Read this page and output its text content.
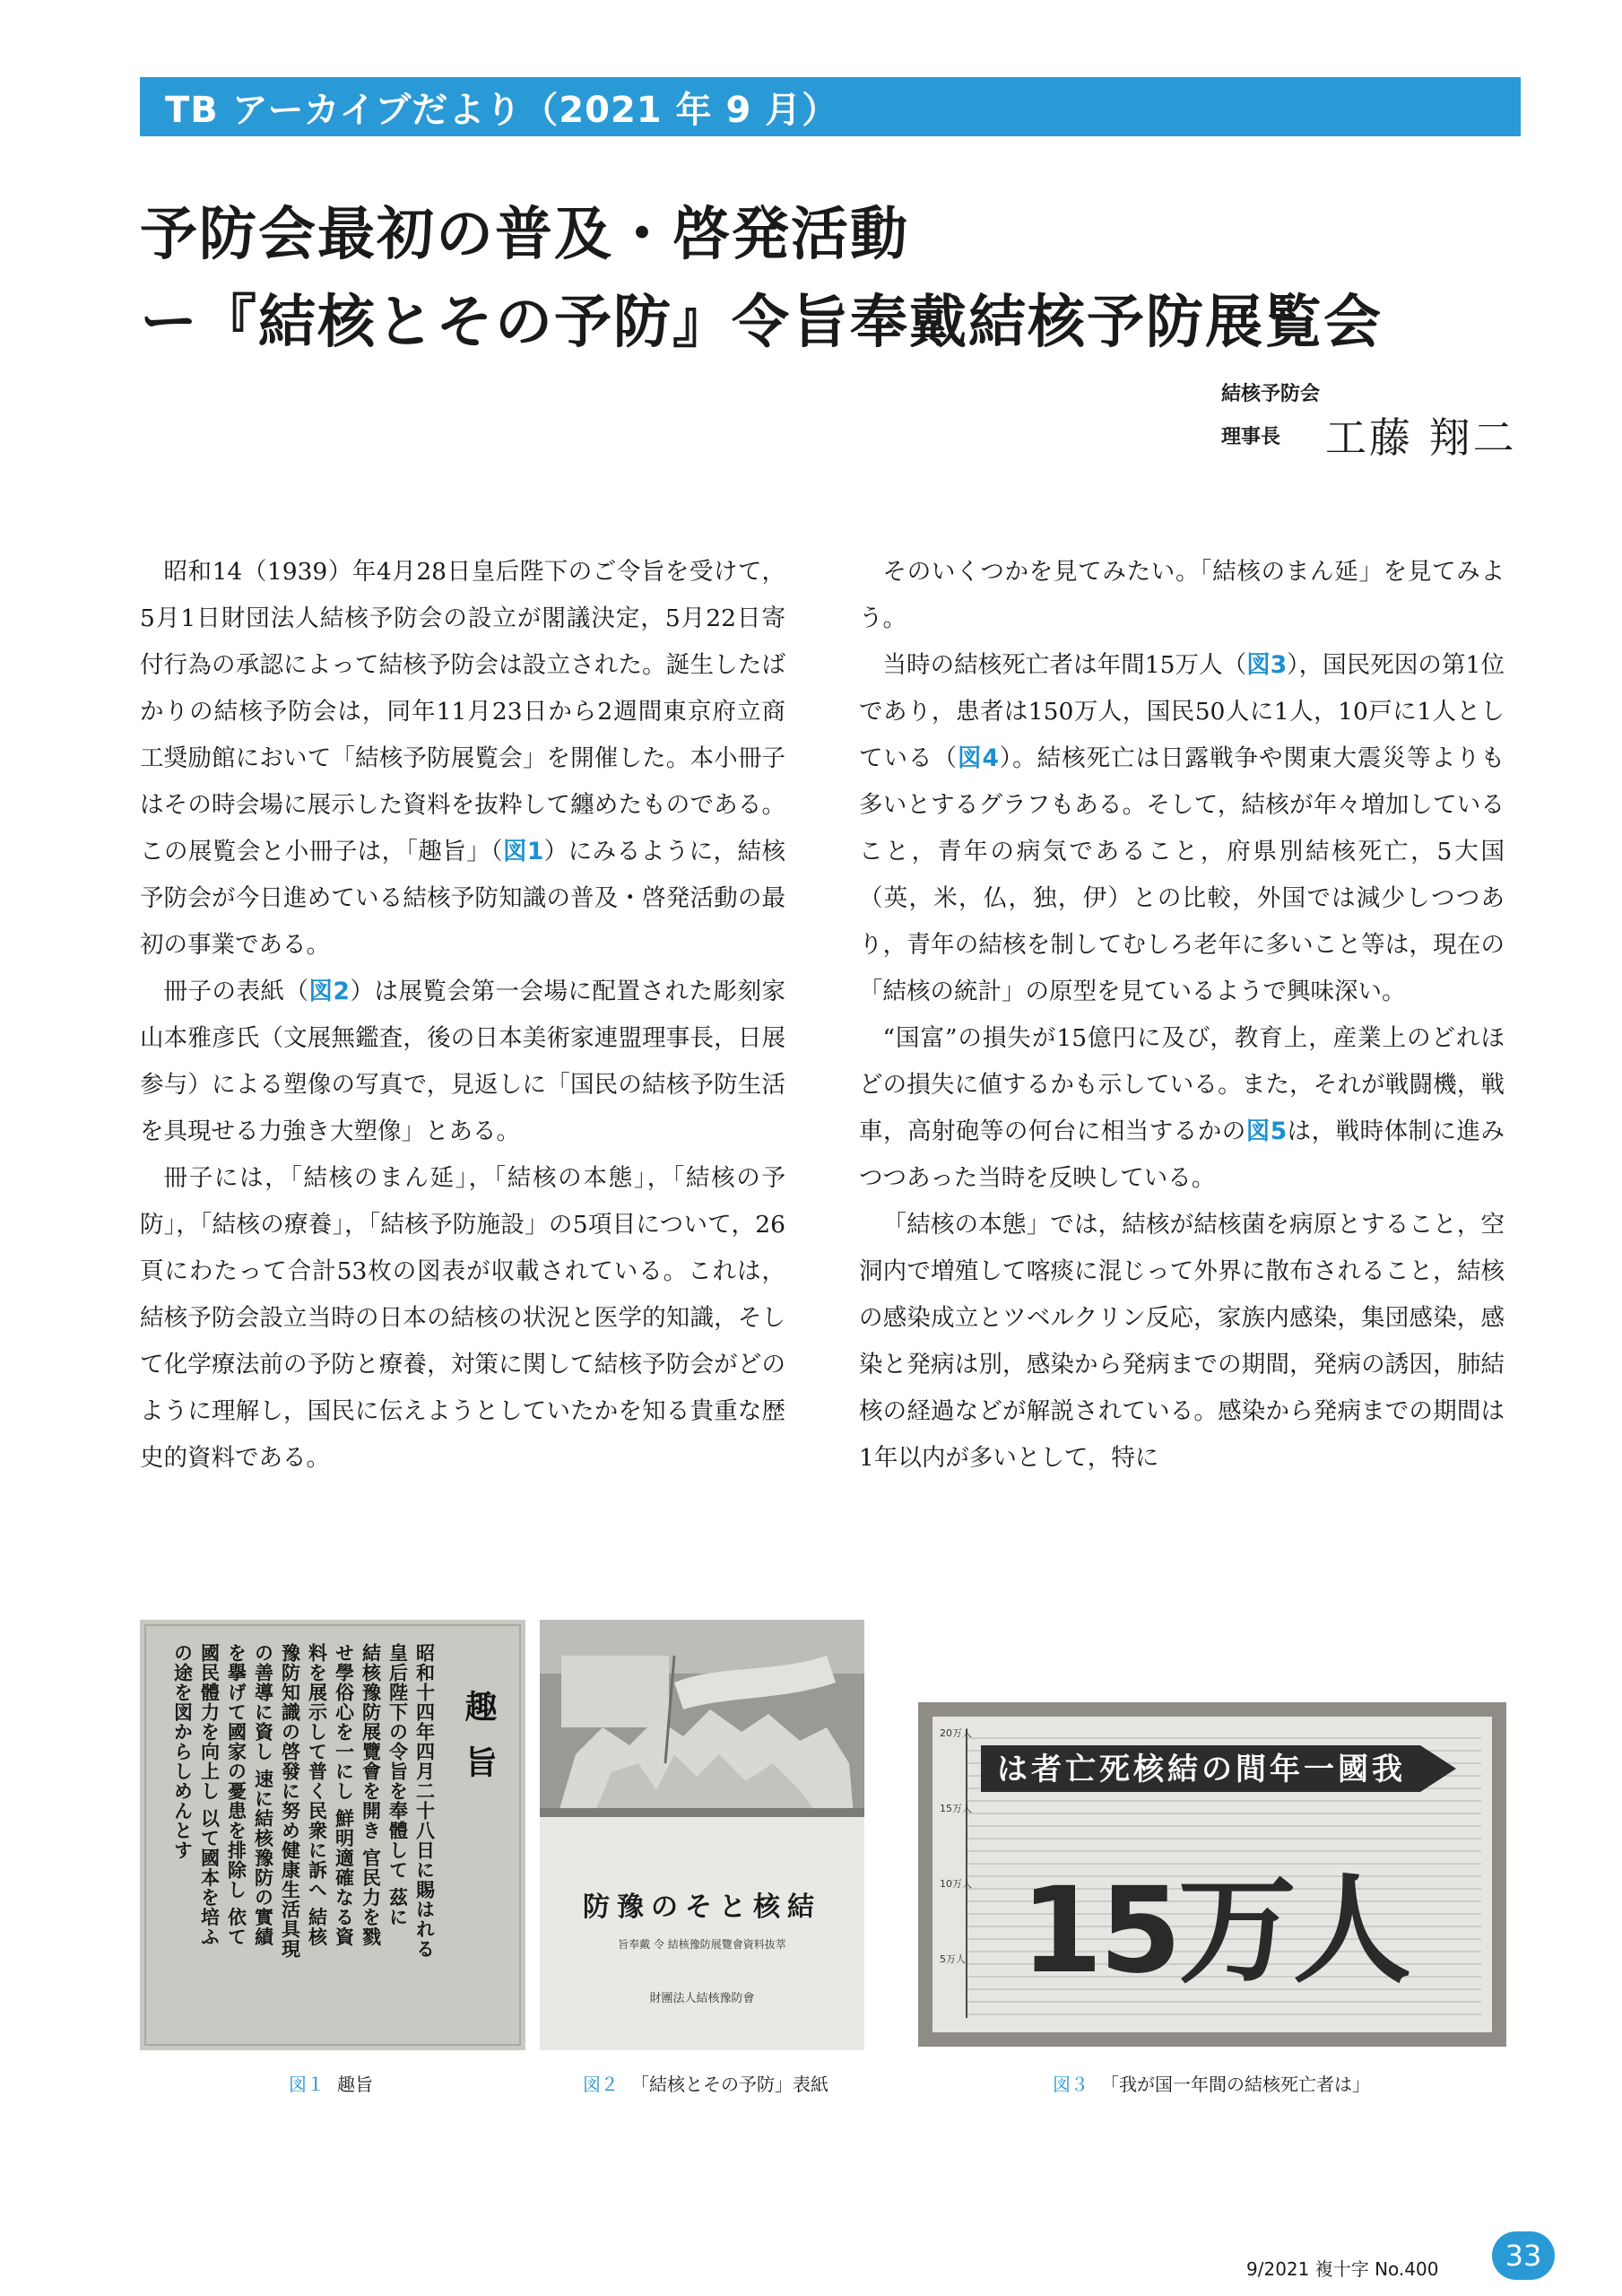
TB アーカイブだより（2021 年 9 月）
予防会最初の普及・啓発活動
ー『結核とその予防』令旨奉戴結核予防展覧会
結核予防会
理事長 工藤 翔二

昭和14（1939）年4月28日皇后陛下のご令旨を受けて，5月1日財団法人結核予防会の設立が閣議決定，5月22日寄付行為の承認によって結核予防会は設立された。誕生したばかりの結核予防会は，同年11月23日から2週間東京府立商工奨励館において「結核予防展覧会」を開催した。本小冊子はその時会場に展示した資料を抜粋して纏めたものである。この展覧会と小冊子は，「趣旨」（図1）にみるように，結核予防会が今日進めている結核予防知識の普及・啓発活動の最初の事業である。

冊子の表紙（図2）は展覧会第一会場に配置された彫刻家山本雅彦氏（文展無鑑査，後の日本美術家連盟理事長，日展参与）による塑像の写真で，見返しに「国民の結核予防生活を具現せる力強き大塑像」とある。

冊子には，「結核のまん延」，「結核の本態」，「結核の予防」，「結核の療養」，「結核予防施設」の5項目について，26頁にわたって合計53枚の図表が収載されている。これは，結核予防会設立当時の日本の結核の状況と医学的知識，そして化学療法前の予防と療養，対策に関して結核予防会がどのように理解し，国民に伝えようとしていたかを知る貴重な歴史的資料である。

そのいくつかを見てみたい。「結核のまん延」を見てみよう。

当時の結核死亡者は年間15万人（図3），国民死因の第1位であり，患者は150万人，国民50人に1人，10戸に1人としている（図4）。結核死亡は日露戦争や関東大震災等よりも多いとするグラフもある。そして，結核が年々増加していること，青年の病気であること，府県別結核死亡，5大国（英，米，仏，独，伊）との比較，外国では減少しつつあり，青年の結核を制してむしろ老年に多いこと等は，現在の「結核の統計」の原型を見ているようで興味深い。

“国富”の損失が15億円に及び，教育上，産業上のどれほどの損失に値するかも示している。また，それが戦闘機，戦車，高射砲等の何台に相当するかの図5は，戦時体制に進みつつあった当時を反映している。

「結核の本態」では，結核が結核菌を病原とすること，空洞内で増殖して喀痰に混じって外界に散布されること，結核の感染成立とツベルクリン反応，家族内感染，集団感染，感染と発病は別，感染から発病までの期間，発病の誘因，肺結核の経過などが解説されている。感染から発病までの期間は1年以内が多いとして，特に

昭和十四年四月二十八日に賜はれる
皇后陛下の令旨を奉體して 茲に
結核豫防展覽會を開き 官民力を戮
せ學俗心を一にし 鮮明適確なる資
料を展示して普く民衆に訴へ 結核
豫防知識の啓發に努め健康生活具現
の善導に資し 速に結核豫防の實績
を擧げて國家の憂患を排除し 依て
國民體力を向上し 以て國本を培ふ
の途を図からしめんとす	趣旨
防豫のそと核結
旨奉戴 令 結核豫防展覽會資料抜萃
財團法人結核豫防會
20万人
15万人
10万人
5万人
は者亡死核結の間年一國我
15万人
図１ 趣旨	図２ 「結核とその予防」表紙	図３ 「我が国一年間の結核死亡者は」
9/2021 複十字 No.400	33
